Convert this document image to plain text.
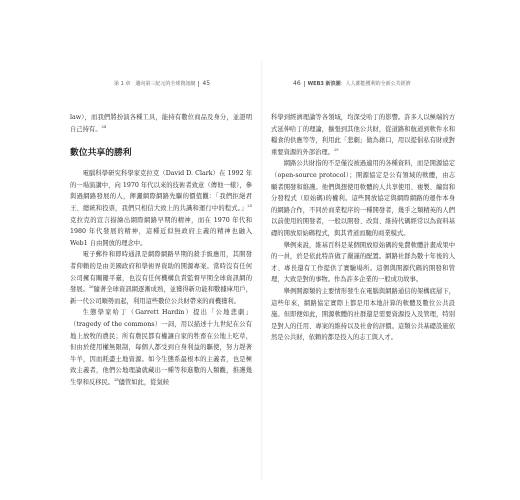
第 1 章　邁向第三紀元的全球資訊網 45

law），而我們將扮演各種工具，能持有數位商品及身分，並證明自己持有。$^{24}$

數位共享的勝利

電腦科學研究科學家克拉克（David D. Clark）在 1992 年的一場演講中，向 1970 年代以來的技術者致意（傳他一樣），參與過網路發展的人，揮灑網際網路先驅的價值觀：「我們拒絕君王、總統和投票，我們只相信大致上的共識和運行中的程式。」$^{25}$克拉克的宣言描繪出網際網路早期的精神，而在 1970 年代和 1980 年代發展的精神，這種近似無政府主義的精神也融入 Web1 自由開放的理念中。

電子郵件和即時通訊是網際網路早期的殺手級應用，其開發者仰賴的是由美國政府和學術界資助的開源專案。當時沒有任何公司擁有關鍵平臺，也沒有任何機構負責監督早期全球資訊網的發展。$^{26}$隨著全球資訊網逐漸成熟，並獲得新功能和數據庫用戶，新一代公司順勢而起，利用這些數位公共財帶來的商機獲利。

生態學家哈丁（Garrett Hardin）提出「公地悲劇」（tragedy of the commons）一詞，用以描述十九世紀在公有地上放牧的農民；所有農民都有權讓自家的牲畜在公地上吃草，但由於使用權無限制，每個人都受到自身利益的驅使，努力趕著牛羊，因而耗盡土地資源。如今生態系最根本的主義者，也是極致主義者，他們公地理論就藏出一種等和進數的人類觀，推護幾生學和反移民。$^{28}$儘管如此，從氣候

46 WEB3 新浪潮：人人都能獲利的全新公共經濟

科學到經濟理論等各領域，均深受哈丁的影響。許多人以極端的方式延伸哈丁的理論，擴張到其他公共財，從道路和航道到軟件水和糧食的供應等等，利用此「悲劇」做為藉口，用以提倡私有財或對重要資源的外部治理。$^{29}$

網路公共財指的不是僅沒被過適用的各種資料，而是開源協定（open-source protocol）；開源協定是公有領域的軟體，由志願者開發和維護。他們與想使用軟體的人共享使用、複製、編寫和分發程式（原始碼)的權利。這些開放協定與網際網路的運作本身的網路合作，不同於商業程序的一種開發者，幾乎之類精英的人們以前使用的開發者，一般以開發、改寫、維持代碼經常以為資料基礎的開放原始碼程式，與其背道而馳的商業模式。

舉例來說，維基百科是某個開放原始碼的免費軟體計畫成果中的一員，於是依此特許做了嚴謹的配置。網路社群為數十年後的人才、專長還有工作提供了實驗場所。這個與開源代碼的開發和管理，大致是對的事物。作為許多企業的一般成功故事。

舉例開源類的主要情形發生在電腦與網路通信的架構底層下，這些年來，網路協定實際上都是用本地計算的軟體及數位公共設施。但即便如此，開源軟體的社群還是需要資源投入及管理，特別是對人的任用、專案的維持以及社會的評價。這類公共基礎設施依然是公共財，依賴的都是投入的志工與人才。
